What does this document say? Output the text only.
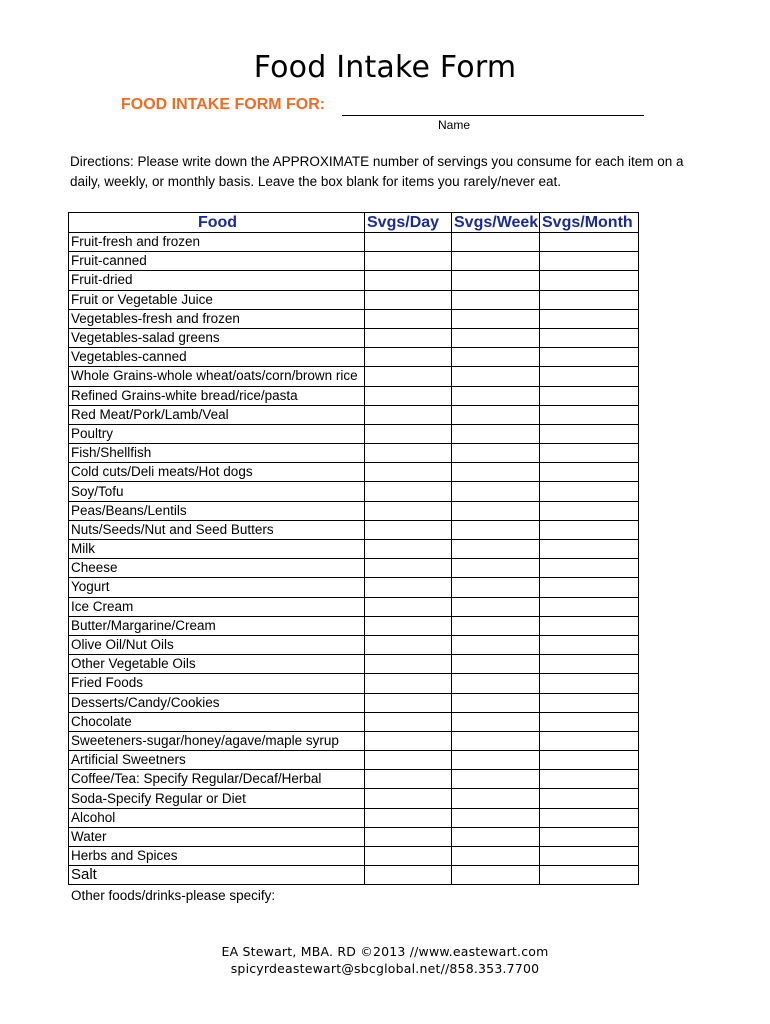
Food Intake Form
FOOD INTAKE FORM FOR:
Name
Directions: Please write down the APPROXIMATE number of servings you consume for each item on a daily, weekly, or monthly basis. Leave the box blank for items you rarely/never eat.
Food	Svgs/Day	Svgs/Week	Svgs/Month
Fruit-fresh and frozen			
Fruit-canned			
Fruit-dried			
Fruit or Vegetable Juice			
Vegetables-fresh and frozen			
Vegetables-salad greens			
Vegetables-canned			
Whole Grains-whole wheat/oats/corn/brown rice			
Refined Grains-white bread/rice/pasta			
Red Meat/Pork/Lamb/Veal			
Poultry			
Fish/Shellfish			
Cold cuts/Deli meats/Hot dogs			
Soy/Tofu			
Peas/Beans/Lentils			
Nuts/Seeds/Nut and Seed Butters			
Milk			
Cheese			
Yogurt			
Ice Cream			
Butter/Margarine/Cream			
Olive Oil/Nut Oils			
Other Vegetable Oils			
Fried Foods			
Desserts/Candy/Cookies			
Chocolate			
Sweeteners-sugar/honey/agave/maple syrup			
Artificial Sweetners			
Coffee/Tea: Specify Regular/Decaf/Herbal			
Soda-Specify Regular or Diet			
Alcohol			
Water			
Herbs and Spices			
Salt			
Other foods/drinks-please specify:
EA Stewart, MBA. RD ©2013 //www.eastewart.com
spicyrdeastewart@sbcglobal.net//858.353.7700
